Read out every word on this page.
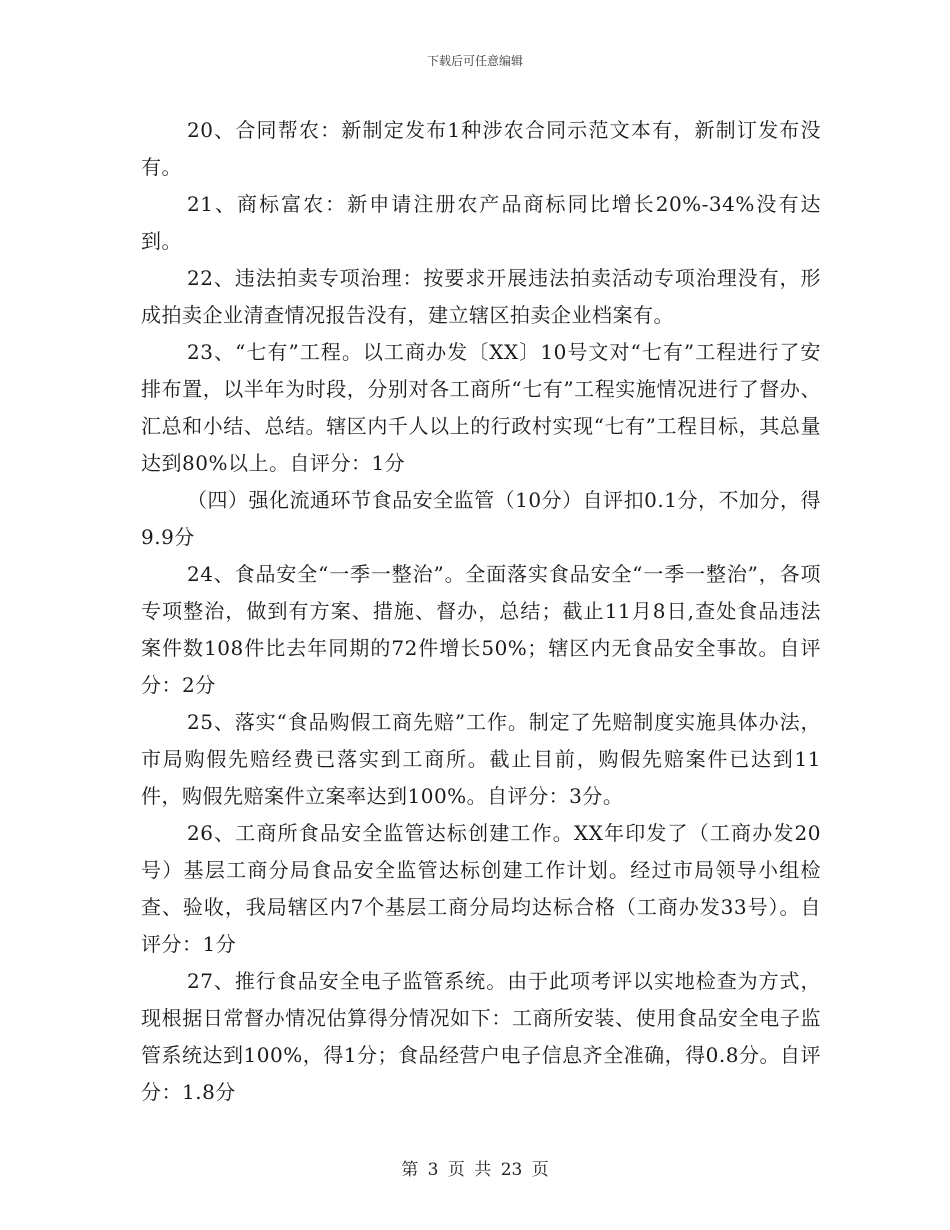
下载后可任意编辑

20、合同帮农：新制定发布1种涉农合同示范文本有，新制订发布没有。

21、商标富农：新申请注册农产品商标同比增长20%-34%没有达到。

22、违法拍卖专项治理：按要求开展违法拍卖活动专项治理没有，形成拍卖企业清查情况报告没有，建立辖区拍卖企业档案有。

23、“七有”工程。以工商办发〔XX〕10号文对“七有”工程进行了安排布置，以半年为时段，分别对各工商所“七有”工程实施情况进行了督办、汇总和小结、总结。辖区内千人以上的行政村实现“七有”工程目标，其总量达到80%以上。自评分：1分

（四）强化流通环节食品安全监管（10分）自评扣0.1分，不加分，得9.9分

24、食品安全“一季一整治”。全面落实食品安全“一季一整治”，各项专项整治，做到有方案、措施、督办，总结；截止11月8日,查处食品违法案件数108件比去年同期的72件增长50%；辖区内无食品安全事故。自评分：2分

25、落实“食品购假工商先赔”工作。制定了先赔制度实施具体办法，市局购假先赔经费已落实到工商所。截止目前，购假先赔案件已达到11件，购假先赔案件立案率达到100%。自评分：3分。

26、工商所食品安全监管达标创建工作。XX年印发了（工商办发20号）基层工商分局食品安全监管达标创建工作计划。经过市局领导小组检查、验收，我局辖区内7个基层工商分局均达标合格（工商办发33号）。自评分：1分

27、推行食品安全电子监管系统。由于此项考评以实地检查为方式，现根据日常督办情况估算得分情况如下：工商所安装、使用食品安全电子监管系统达到100%，得1分；食品经营户电子信息齐全准确，得0.8分。自评分：1.8分

第 3 页 共 23 页
